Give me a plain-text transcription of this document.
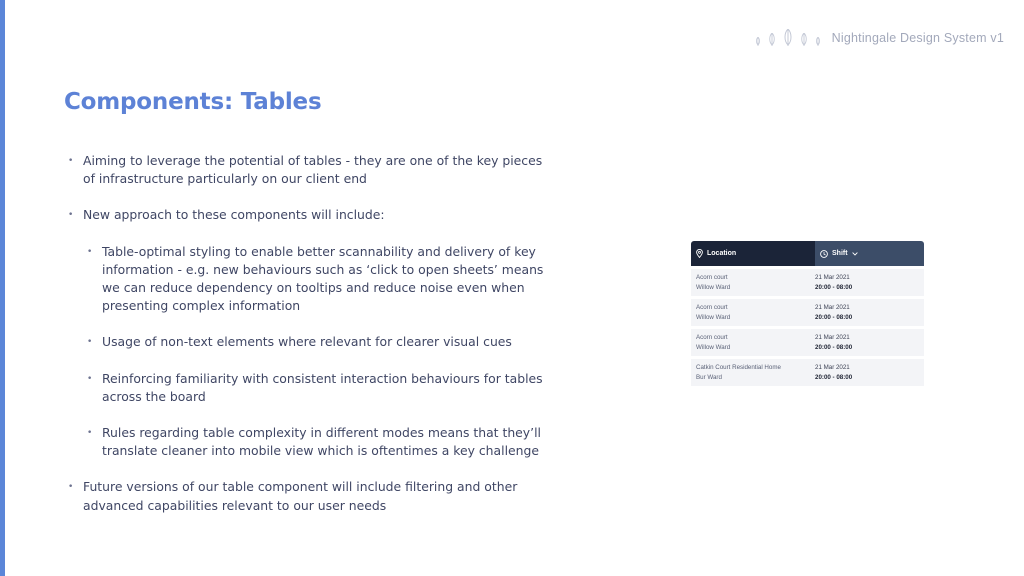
Nightingale Design System v1
Components: Tables
• Aiming to leverage the potential of tables - they are one of the key pieces of infrastructure particularly on our client end
• New approach to these components will include:
• Table-optimal styling to enable better scannability and delivery of key information - e.g. new behaviours such as ‘click to open sheets’ means we can reduce dependency on tooltips and reduce noise even when presenting complex information
• Usage of non-text elements where relevant for clearer visual cues
• Reinforcing familiarity with consistent interaction behaviours for tables across the board
• Rules regarding table complexity in different modes means that they’ll translate cleaner into mobile view which is oftentimes a key challenge
• Future versions of our table component will include filtering and other advanced capabilities relevant to our user needs
Location	Shift
Acorn court
Willow Ward
21 Mar 2021
20:00 - 08:00
Acorn court
Willow Ward
21 Mar 2021
20:00 - 08:00
Acorn court
Willow Ward
21 Mar 2021
20:00 - 08:00
Catkin Court Residential Home
Bur Ward
21 Mar 2021
20:00 - 08:00
